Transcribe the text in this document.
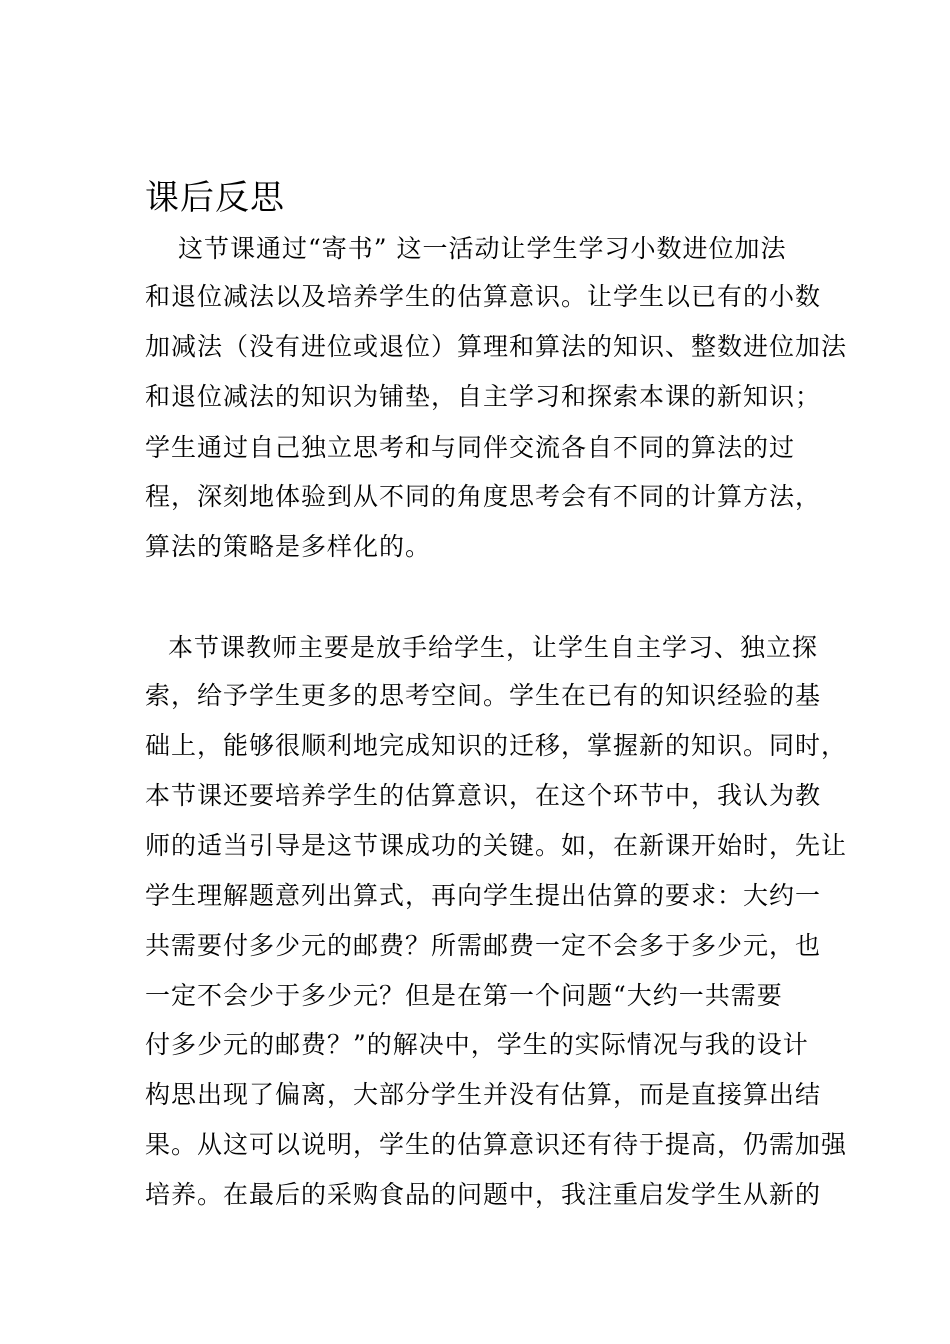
课后反思
这节课通过“寄书” 这一活动让学生学习小数进位加法
和退位减法以及培养学生的估算意识。让学生以已有的小数
加减法（没有进位或退位）算理和算法的知识、整数进位加法
和退位减法的知识为铺垫，自主学习和探索本课的新知识；
学生通过自己独立思考和与同伴交流各自不同的算法的过
程，深刻地体验到从不同的角度思考会有不同的计算方法，
算法的策略是多样化的。
本节课教师主要是放手给学生，让学生自主学习、独立探
索，给予学生更多的思考空间。学生在已有的知识经验的基
础上，能够很顺利地完成知识的迁移，掌握新的知识。同时，
本节课还要培养学生的估算意识，在这个环节中，我认为教
师的适当引导是这节课成功的关键。如，在新课开始时，先让
学生理解题意列出算式，再向学生提出估算的要求：大约一
共需要付多少元的邮费？所需邮费一定不会多于多少元，也
一定不会少于多少元？但是在第一个问题“大约一共需要
付多少元的邮费？”的解决中，学生的实际情况与我的设计
构思出现了偏离，大部分学生并没有估算，而是直接算出结
果。从这可以说明，学生的估算意识还有待于提高，仍需加强
培养。在最后的采购食品的问题中，我注重启发学生从新的
